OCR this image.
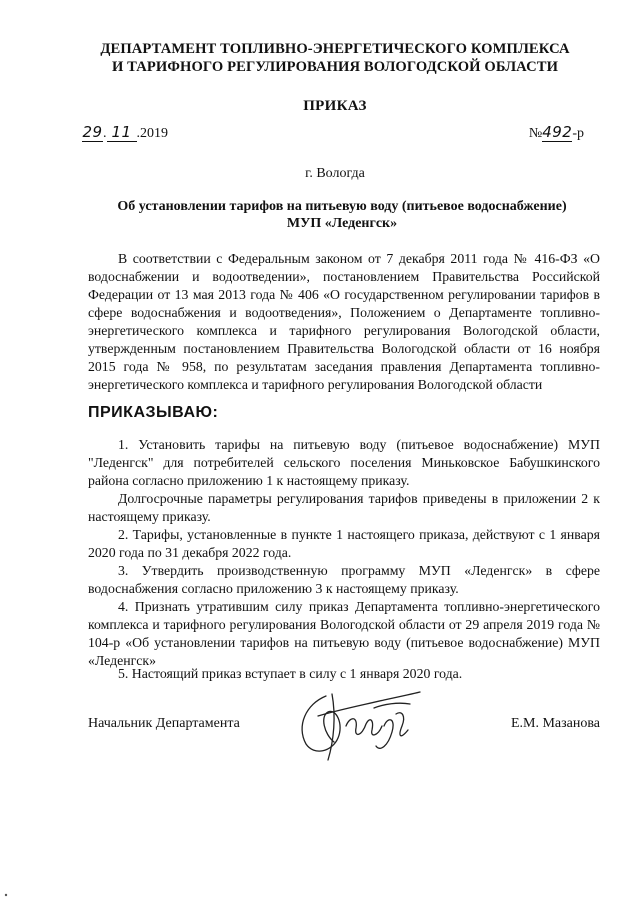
ДЕПАРТАМЕНТ ТОПЛИВНО-ЭНЕРГЕТИЧЕСКОГО КОМПЛЕКСА
И ТАРИФНОГО РЕГУЛИРОВАНИЯ ВОЛОГОДСКОЙ ОБЛАСТИ
ПРИКАЗ
29. 11 .2019	№492-р
г. Вологда
Об установлении тарифов на питьевую воду (питьевое водоснабжение)
МУП «Леденгск»

В соответствии с Федеральным законом от 7 декабря 2011 года № 416-ФЗ «О водоснабжении и водоотведении», постановлением Правительства Российской Федерации от 13 мая 2013 года № 406 «О государственном регулировании тарифов в сфере водоснабжения и водоотведения», Положением о Департаменте топливно-энергетического комплекса и тарифного регулирования Вологодской области, утвержденным постановлением Правительства Вологодской области от 16 ноября 2015 года № 958, по результатам заседания правления Департамента топливно-энергетического комплекса и тарифного регулирования Вологодской области

ПРИКАЗЫВАЮ:

1. Установить тарифы на питьевую воду (питьевое водоснабжение) МУП "Леденгск" для потребителей сельского поселения Миньковское Бабушкинского района согласно приложению 1 к настоящему приказу.

Долгосрочные параметры регулирования тарифов приведены в приложении 2 к настоящему приказу.

2. Тарифы, установленные в пункте 1 настоящего приказа, действуют с 1 января 2020 года по 31 декабря 2022 года.

3. Утвердить производственную программу МУП «Леденгск» в сфере водоснабжения согласно приложению 3 к настоящему приказу.

4. Признать утратившим силу приказ Департамента топливно-энергетического комплекса и тарифного регулирования Вологодской области от 29 апреля 2019 года № 104-р «Об установлении тарифов на питьевую воду (питьевое водоснабжение) МУП «Леденгск»

5. Настоящий приказ вступает в силу с 1 января 2020 года.

Начальник Департамента	Е.М. Мазанова
